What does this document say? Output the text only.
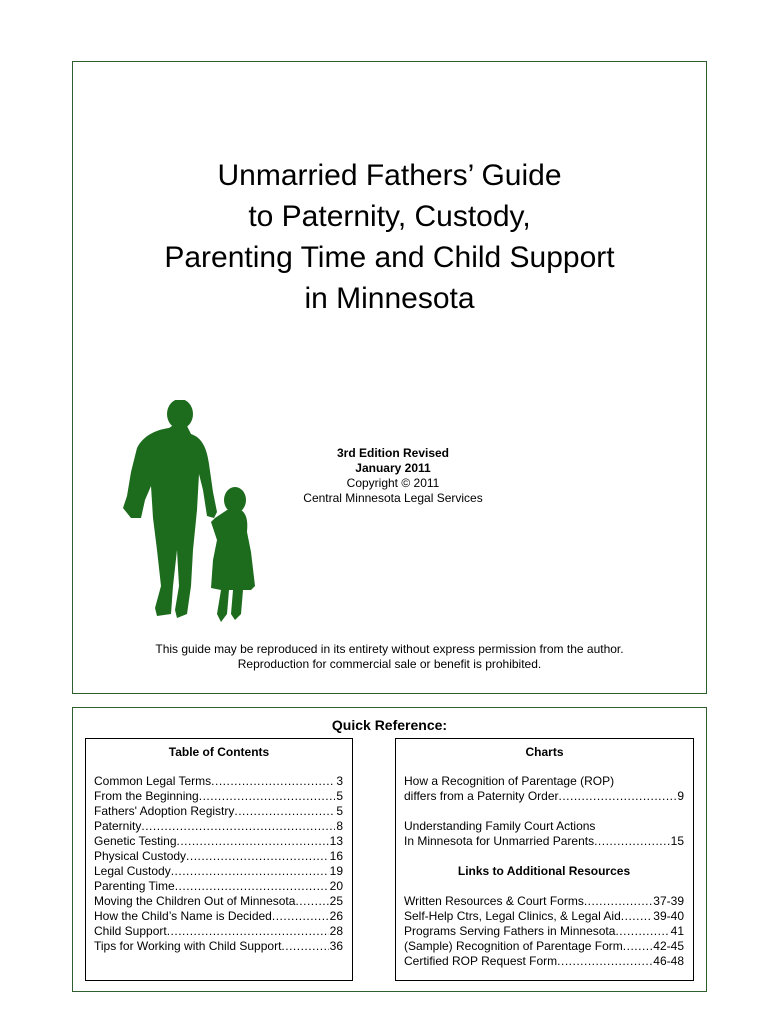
Unmarried Fathers’ Guide
to Paternity, Custody,
Parenting Time and Child Support
in Minnesota
3rd Edition Revised
January 2011
Copyright © 2011
Central Minnesota Legal Services
This guide may be reproduced in its entirety without express permission from the author.
Reproduction for commercial sale or benefit is prohibited.
Quick Reference:
Table of Contents
Common Legal Terms .....	3
From the Beginning .....	5
Fathers' Adoption Registry .....	5
Paternity .....	8
Genetic Testing .....	13
Physical Custody .....	16
Legal Custody .....	19
Parenting Time .....	20
Moving the Children Out of Minnesota .....	25
How the Child’s Name is Decided .....	26
Child Support .....	28
Tips for Working with Child Support .....	36
Charts
How a Recognition of Parentage (ROP)
differs from a Paternity Order .....	9
Understanding Family Court Actions
In Minnesota for Unmarried Parents .....	15
Links to Additional Resources
Written Resources & Court Forms .....	37-39
Self-Help Ctrs, Legal Clinics, & Legal Aid .....	39-40
Programs Serving Fathers in Minnesota .....	41
(Sample) Recognition of Parentage Form .....	42-45
Certified ROP Request Form .....	46-48
